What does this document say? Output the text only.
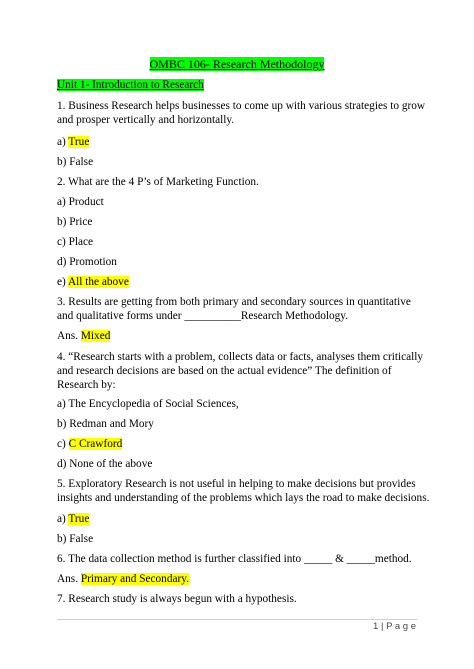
OMBC 106- Research Methodology
Unit 1- Introduction to Research
1. Business Research helps businesses to come up with various strategies to grow
and prosper vertically and horizontally.
a) True
b) False
2. What are the 4 P’s of Marketing Function.
a) Product
b) Price
c) Place
d) Promotion
e) All the above
3. Results are getting from both primary and secondary sources in quantitative
and qualitative forms under __________Research Methodology.
Ans. Mixed
4. “Research starts with a problem, collects data or facts, analyses them critically
and research decisions are based on the actual evidence” The definition of
Research by:
a) The Encyclopedia of Social Sciences,
b) Redman and Mory
c) C Crawford
d) None of the above
5. Exploratory Research is not useful in helping to make decisions but provides
insights and understanding of the problems which lays the road to make decisions.
a) True
b) False
6. The data collection method is further classified into _____ & _____method.
Ans. Primary and Secondary.
7. Research study is always begun with a hypothesis.
1 | P a g e
